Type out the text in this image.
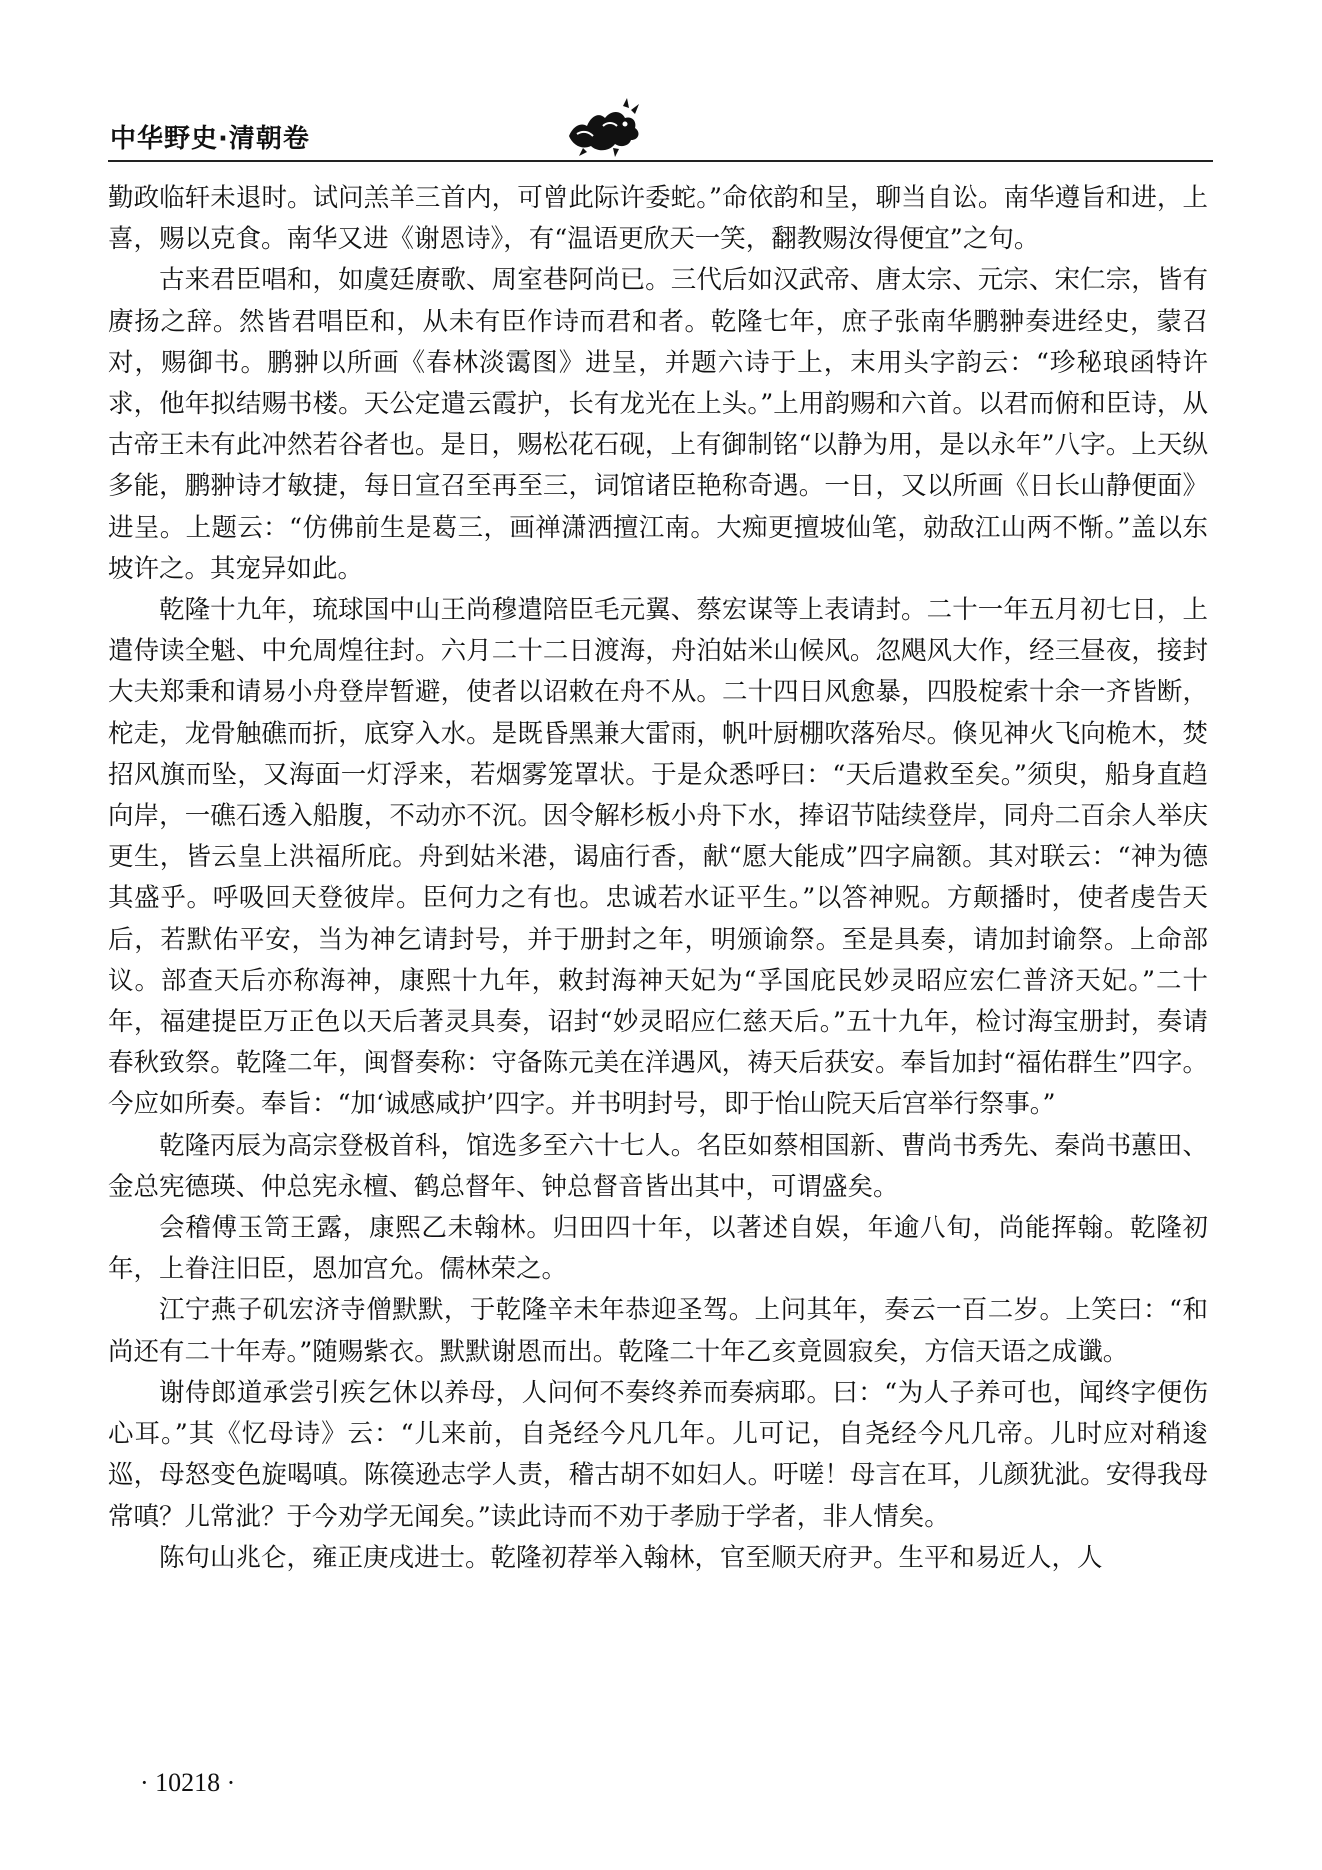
中华野史·清朝卷

勤政临轩未退时。试问羔羊三首内，可曾此际许委蛇。”命依韵和呈，聊当自讼。南华遵旨和进，上喜，赐以克食。南华又进《谢恩诗》，有“温语更欣天一笑，翻教赐汝得便宜”之句。

古来君臣唱和，如虞廷赓歌、周室巷阿尚已。三代后如汉武帝、唐太宗、元宗、宋仁宗，皆有赓扬之辞。然皆君唱臣和，从未有臣作诗而君和者。乾隆七年，庶子张南华鹏翀奏进经史，蒙召对，赐御书。鹏翀以所画《春林淡霭图》进呈，并题六诗于上，末用头字韵云：“珍秘琅函特许求，他年拟结赐书楼。天公定遣云霞护，长有龙光在上头。”上用韵赐和六首。以君而俯和臣诗，从古帝王未有此冲然若谷者也。是日，赐松花石砚，上有御制铭“以静为用，是以永年”八字。上天纵多能，鹏翀诗才敏捷，每日宣召至再至三，词馆诸臣艳称奇遇。一日，又以所画《日长山静便面》进呈。上题云：“仿佛前生是葛三，画禅潇洒擅江南。大痴更擅坡仙笔，勍敌江山两不惭。”盖以东坡许之。其宠异如此。

乾隆十九年，琉球国中山王尚穆遣陪臣毛元翼、蔡宏谋等上表请封。二十一年五月初七日，上遣侍读全魁、中允周煌往封。六月二十二日渡海，舟泊姑米山候风。忽飓风大作，经三昼夜，接封大夫郑秉和请易小舟登岸暂避，使者以诏敕在舟不从。二十四日风愈暴，四股椗索十余一齐皆断，柁走，龙骨触礁而折，底穿入水。是既昏黑兼大雷雨，帆叶厨棚吹落殆尽。倏见神火飞向桅木，焚招风旗而坠，又海面一灯浮来，若烟雾笼罩状。于是众悉呼曰：“天后遣救至矣。”须臾，船身直趋向岸，一礁石透入船腹，不动亦不沉。因令解杉板小舟下水，捧诏节陆续登岸，同舟二百余人举庆更生，皆云皇上洪福所庇。舟到姑米港，谒庙行香，献“愿大能成”四字扁额。其对联云：“神为德其盛乎。呼吸回天登彼岸。臣何力之有也。忠诚若水证平生。”以答神贶。方颠播时，使者虔告天后，若默佑平安，当为神乞请封号，并于册封之年，明颁谕祭。至是具奏，请加封谕祭。上命部议。部查天后亦称海神，康熙十九年，敕封海神天妃为“孚国庇民妙灵昭应宏仁普济天妃。”二十年，福建提臣万正色以天后著灵具奏，诏封“妙灵昭应仁慈天后。”五十九年，检讨海宝册封，奏请春秋致祭。乾隆二年，闽督奏称：守备陈元美在洋遇风，祷天后获安。奉旨加封“福佑群生”四字。今应如所奏。奉旨：“加‘诚感咸护’四字。并书明封号，即于怡山院天后宫举行祭事。”

乾隆丙辰为高宗登极首科，馆选多至六十七人。名臣如蔡相国新、曹尚书秀先、秦尚书蕙田、金总宪德瑛、仲总宪永檀、鹤总督年、钟总督音皆出其中，可谓盛矣。

会稽傅玉笥王露，康熙乙未翰林。归田四十年，以著述自娱，年逾八旬，尚能挥翰。乾隆初年，上眷注旧臣，恩加宫允。儒林荣之。

江宁燕子矶宏济寺僧默默，于乾隆辛未年恭迎圣驾。上问其年，奏云一百二岁。上笑曰：“和尚还有二十年寿。”随赐紫衣。默默谢恩而出。乾隆二十年乙亥竟圆寂矣，方信天语之成谶。

谢侍郎道承尝引疾乞休以养母，人问何不奏终养而奏病耶。曰：“为人子养可也，闻终字便伤心耳。”其《忆母诗》云：“儿来前，自尧经今凡几年。儿可记，自尧经今凡几帝。儿时应对稍逡巡，母怒变色旋喝嗔。陈篌逊志学人责，稽古胡不如妇人。吁嗟！母言在耳，儿颜犹泚。安得我母常嗔？儿常泚？于今劝学无闻矣。”读此诗而不劝于孝励于学者，非人情矣。

陈句山兆仑，雍正庚戌进士。乾隆初荐举入翰林，官至顺天府尹。生平和易近人，人

· 10218 ·
